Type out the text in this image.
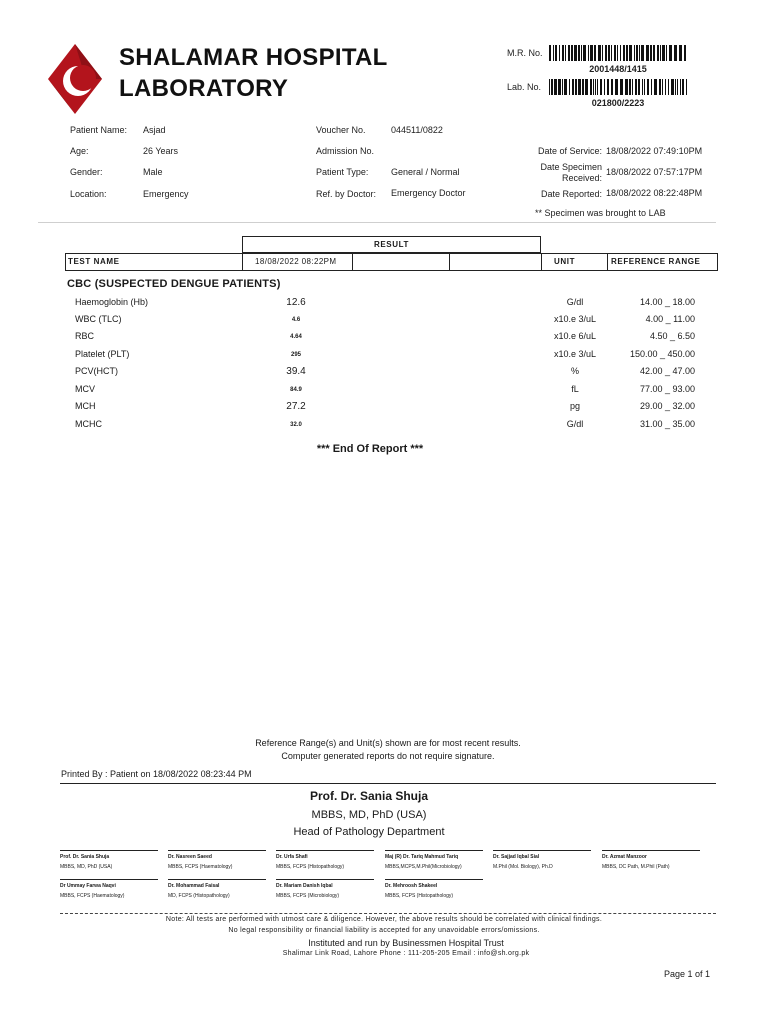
SHALAMAR HOSPITAL
LABORATORY
M.R. No.
2001448/1415
Lab. No.
021800/2223
Patient Name: Asjad
Age:	26 Years
Gender:	Male
Location:	Emergency
Voucher No.	044511/0822
Admission No.
Patient Type:	General / Normal
Ref. by Doctor: Emergency Doctor
Date of Service: 18/08/2022 07:49:10PM
Date Specimen
Received:
18/08/2022 07:57:17PM
Date Reported: 18/08/2022 08:22:48PM
** Specimen was brought to LAB
RESULT
TEST NAME	18/08/2022 08:22PM	UNIT	REFERENCE RANGE
CBC (SUSPECTED DENGUE PATIENTS)
Haemoglobin (Hb)	12.6	G/dl	14.00 _ 18.00
WBC (TLC)	4.6	x10.e 3/uL	4.00 _ 11.00
RBC	4.64	x10.e 6/uL	4.50 _ 6.50
Platelet (PLT)	295	x10.e 3/uL	150.00 _ 450.00
PCV(HCT)	39.4	%	42.00 _ 47.00
MCV	84.9	fL	77.00 _ 93.00
MCH	27.2	pg	29.00 _ 32.00
MCHC	32.0	G/dl	31.00 _ 35.00
*** End Of Report ***
Reference Range(s) and Unit(s) shown are for most recent results.
Computer generated reports do not require signature.
Printed By : Patient on 18/08/2022 08:23:44 PM
Prof. Dr. Sania Shuja
MBBS, MD, PhD (USA)
Head of Pathology Department
Prof. Dr. Sania Shuja
MBBS, MD, PhD (USA)
Dr. Nasreen Saeed
MBBS, FCPS (Haematology)
Dr. Urfa Shafi
MBBS, FCPS (Histopathology)
Maj (R) Dr. Tariq Mahmud Tariq
MBBS,MCPS,M.Phil(Microbiology)
Dr. Sajjad Iqbal Sial
M.Phil (Mol. Biology), Ph.D
Dr. Azmat Manzoor
MBBS, DC Path, M.Phil (Path)
Dr Ummay Farwa Naqvi
MBBS, FCPS (Haematology)
Dr. Mohammad Faisal
MD, FCPS (Histopathology)
Dr. Mariam Danish Iqbal
MBBS, FCPS (Microbiology)
Dr. Mehroosh Shakeel
MBBS, FCPS (Histopathology)
Note: All tests are performed with utmost care & diligence. However, the above results should be correlated with clinical findings.
No legal responsibility or financial liability is accepted for any unavoidable errors/omissions.
Instituted and run by Businessmen Hospital Trust
Shalimar Link Road, Lahore Phone : 111-205-205 Email : info@sh.org.pk
Page 1 of 1
